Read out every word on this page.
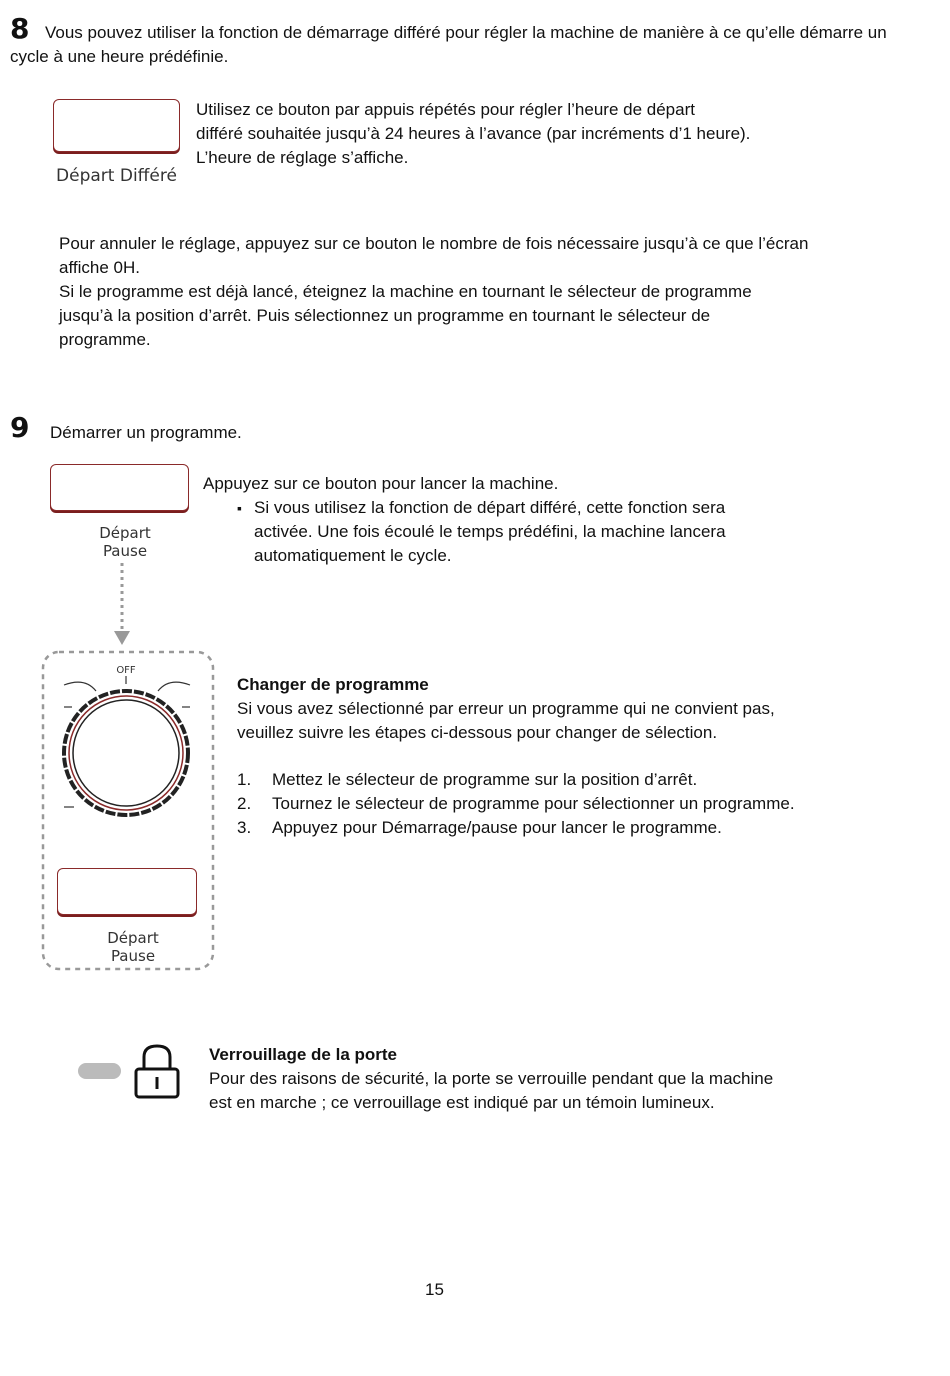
8 Vous pouvez utiliser la fonction de démarrage différé pour régler la machine de manière à ce qu’elle démarre un cycle à une heure prédéfinie.
Départ Différé
Utilisez ce bouton par appuis répétés pour régler l’heure de départ
différé souhaitée jusqu’à 24 heures à l’avance (par incréments d’1 heure).
L’heure de réglage s’affiche.
Pour annuler le réglage, appuyez sur ce bouton le nombre de fois nécessaire jusqu’à ce que l’écran
affiche 0H.
Si le programme est déjà lancé, éteignez la machine en tournant le sélecteur de programme
jusqu’à la position d’arrêt. Puis sélectionnez un programme en tournant le sélecteur de
programme.
9 Démarrer un programme.
Départ
Pause
Appuyez sur ce bouton pour lancer la machine.
▪ Si vous utilisez la fonction de départ différé, cette fonction sera
activée. Une fois écoulé le temps prédéfini, la machine lancera
automatiquement le cycle.
OFF
Départ
Pause
Changer de programme
Si vous avez sélectionné par erreur un programme qui ne convient pas,
veuillez suivre les étapes ci-dessous pour changer de sélection.
1. Mettez le sélecteur de programme sur la position d’arrêt.
2. Tournez le sélecteur de programme pour sélectionner un programme.
3. Appuyez pour Démarrage/pause pour lancer le programme.
Verrouillage de la porte
Pour des raisons de sécurité, la porte se verrouille pendant que la machine
est en marche ; ce verrouillage est indiqué par un témoin lumineux.
15
